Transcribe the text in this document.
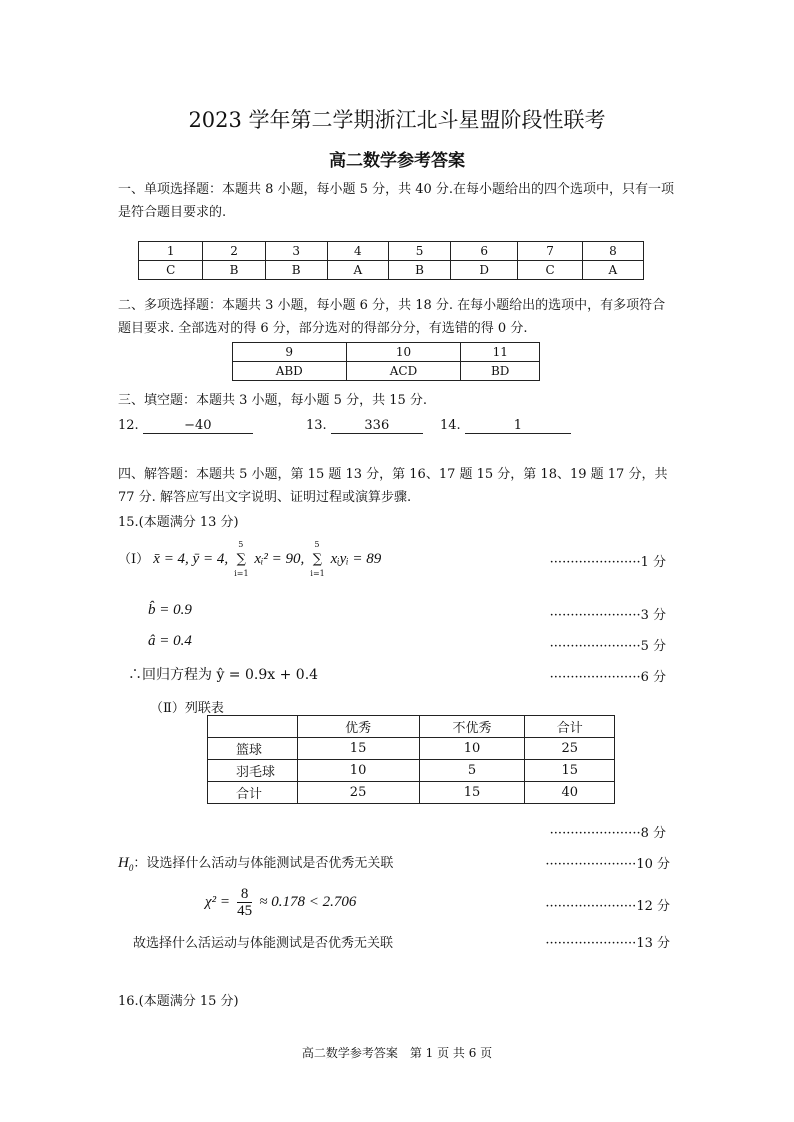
2023 学年第二学期浙江北斗星盟阶段性联考
高二数学参考答案
一、单项选择题：本题共 8 小题，每小题 5 分，共 40 分.在每小题给出的四个选项中，只有一项是符合题目要求的.
1	2	3	4	5	6	7	8
C	B	B	A	B	D	C	A
二、多项选择题：本题共 3 小题，每小题 6 分，共 18 分. 在每小题给出的选项中，有多项符合题目要求. 全部选对的得 6 分，部分选对的得部分分，有选错的得 0 分.
9	10	11
ABD	ACD	BD
三、填空题：本题共 3 小题，每小题 5 分，共 15 分.
12.	−40	13.	336	14.	1
四、解答题：本题共 5 小题，第 15 题 13 分，第 16、17 题 15 分，第 18、19 题 17 分，共 77 分. 解答应写出文字说明、证明过程或演算步骤.
15.(本题满分 13 分)
（Ⅰ） x̄ = 4, ȳ = 4,
5
∑
i=1
xᵢ² = 90,
5
∑
i=1
xᵢyᵢ = 89	······················1 分
b̂ = 0.9	······················3 分
â = 0.4	······················5 分
∴回归方程为 ŷ = 0.9x + 0.4	······················6 分
（Ⅱ）列联表
	优秀	不优秀	合计
篮球	15	10	25
羽毛球	10	5	15
合计	25	15	40
······················8 分
$H_0$：设选择什么活动与体能测试是否优秀无关联	······················10 分
$\chi^2 = \frac{8}{45} \approx 0.178 < 2.706$	······················12 分
故选择什么活运动与体能测试是否优秀无关联	······················13 分
16.(本题满分 15 分)
高二数学参考答案　第 1 页 共 6 页
